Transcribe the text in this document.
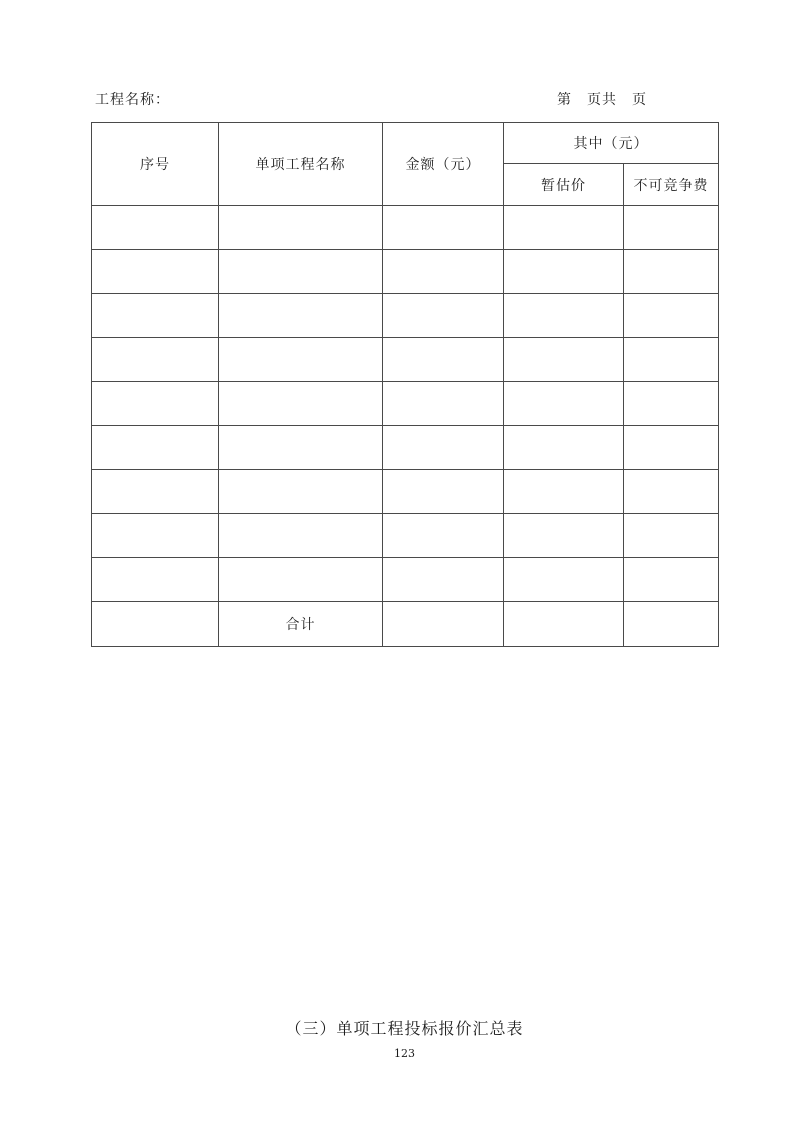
工程名称：	第　页共　页
序号	单项工程名称	金额（元）	其中（元）	
			暂估价	不可竞争费

	合计			
（三）单项工程投标报价汇总表
123
